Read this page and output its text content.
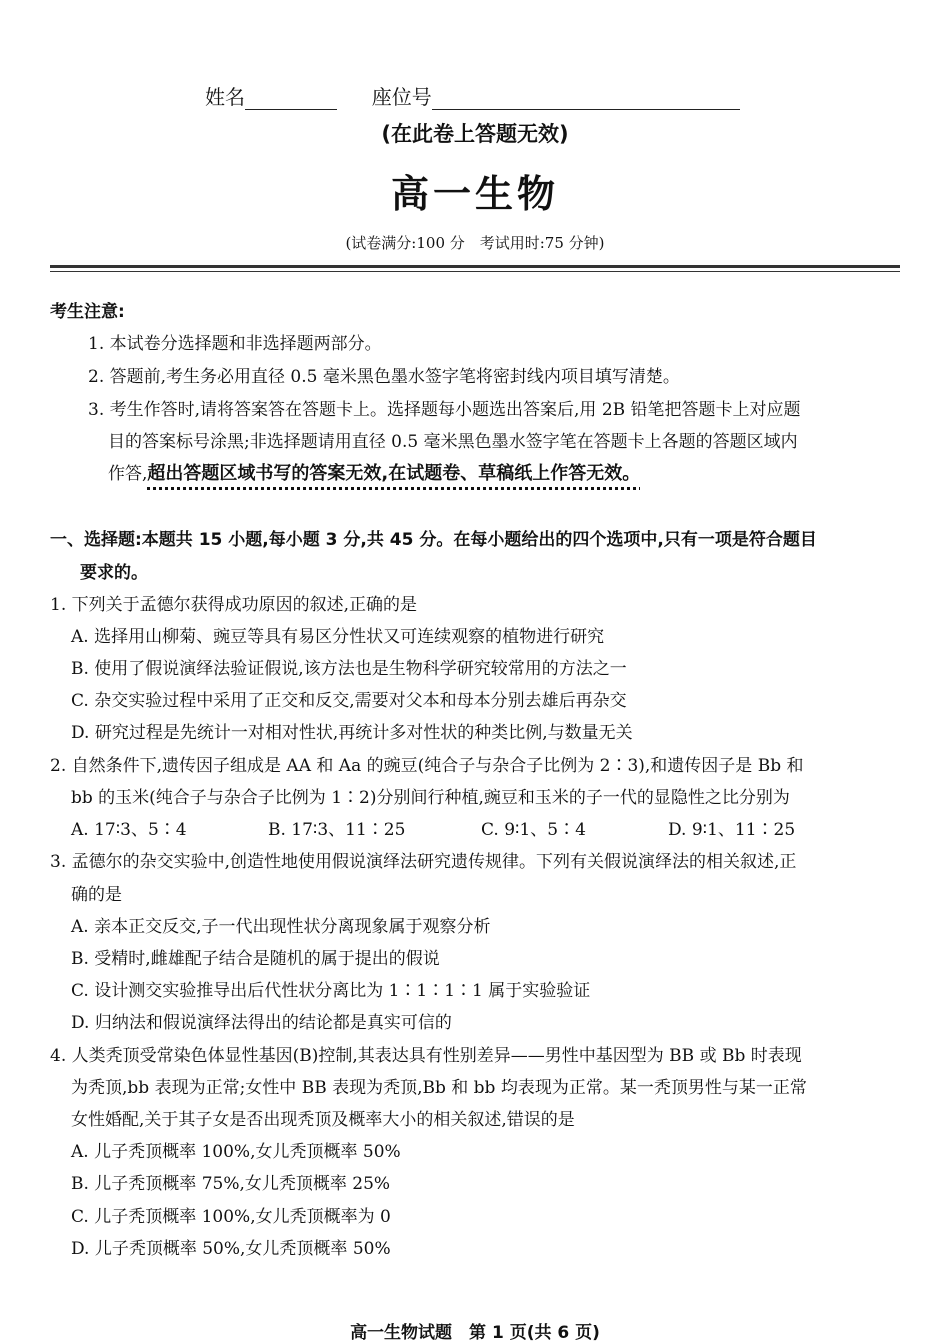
姓名	座位号
(在此卷上答题无效)
高一生物
(试卷满分:100 分　考试用时:75 分钟)
考生注意:
1. 本试卷分选择题和非选择题两部分。
2. 答题前,考生务必用直径 0.5 毫米黑色墨水签字笔将密封线内项目填写清楚。
3. 考生作答时,请将答案答在答题卡上。选择题每小题选出答案后,用 2B 铅笔把答题卡上对应题
目的答案标号涂黑;非选择题请用直径 0.5 毫米黑色墨水签字笔在答题卡上各题的答题区域内
作答,超出答题区域书写的答案无效,在试题卷、草稿纸上作答无效。
一、选择题:本题共 15 小题,每小题 3 分,共 45 分。在每小题给出的四个选项中,只有一项是符合题目
要求的。
1. 下列关于孟德尔获得成功原因的叙述,正确的是
A. 选择用山柳菊、豌豆等具有易区分性状又可连续观察的植物进行研究
B. 使用了假说演绎法验证假说,该方法也是生物科学研究较常用的方法之一
C. 杂交实验过程中采用了正交和反交,需要对父本和母本分别去雄后再杂交
D. 研究过程是先统计一对相对性状,再统计多对性状的种类比例,与数量无关
2. 自然条件下,遗传因子组成是 AA 和 Aa 的豌豆(纯合子与杂合子比例为 2∶3),和遗传因子是 Bb 和
bb 的玉米(纯合子与杂合子比例为 1∶2)分别间行种植,豌豆和玉米的子一代的显隐性之比分别为
A. 17∶3、5∶4	B. 17∶3、11∶25	C. 9∶1、5∶4	D. 9∶1、11∶25
3. 孟德尔的杂交实验中,创造性地使用假说演绎法研究遗传规律。下列有关假说演绎法的相关叙述,正
确的是
A. 亲本正交反交,子一代出现性状分离现象属于观察分析
B. 受精时,雌雄配子结合是随机的属于提出的假说
C. 设计测交实验推导出后代性状分离比为 1∶1∶1∶1 属于实验验证
D. 归纳法和假说演绎法得出的结论都是真实可信的
4. 人类秃顶受常染色体显性基因(B)控制,其表达具有性别差异——男性中基因型为 BB 或 Bb 时表现
为秃顶,bb 表现为正常;女性中 BB 表现为秃顶,Bb 和 bb 均表现为正常。某一秃顶男性与某一正常
女性婚配,关于其子女是否出现秃顶及概率大小的相关叙述,错误的是
A. 儿子秃顶概率 100%,女儿秃顶概率 50%
B. 儿子秃顶概率 75%,女儿秃顶概率 25%
C. 儿子秃顶概率 100%,女儿秃顶概率为 0
D. 儿子秃顶概率 50%,女儿秃顶概率 50%
高一生物试题　第 1 页(共 6 页)
